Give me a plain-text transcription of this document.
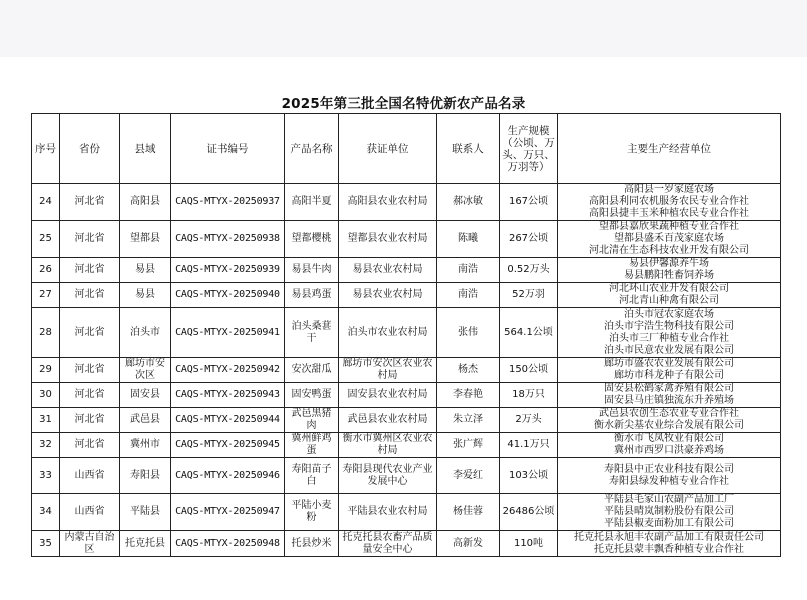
2025年第三批全国名特优新农产品名录
序号	省份	县域	证书编号	产品名称	获证单位	联系人	生产规模（公顷、万头、万只、万羽等）	主要生产经营单位
24	河北省	高阳县	CAQS-MTYX-20250937	高阳半夏	高阳县农业农村局	郝冰敏	167公顷	高阳县一岁家庭农场
高阳县利同农机服务农民专业合作社
高阳县捷丰玉米种植农民专业合作社

25	河北省	望都县	CAQS-MTYX-20250938	望都樱桃	望都县农业农村局	陈曦	267公顷	望都县嘉欣果蔬种植专业合作社
望都县盛禾百茂家庭农场
河北清在生态科技农业开发有限公司

26	河北省	易县	CAQS-MTYX-20250939	易县牛肉	易县农业农村局	南浩	0.52万头	易县伊馨源养牛场
易县鹏阳牲畜饲养场

27	河北省	易县	CAQS-MTYX-20250940	易县鸡蛋	易县农业农村局	南浩	52万羽	河北环山农业开发有限公司
河北青山种禽有限公司

28	河北省	泊头市	CAQS-MTYX-20250941	泊头桑葚干	泊头市农业农村局	张伟	564.1公顷	泊头市冠农家庭农场
泊头市宇浩生物科技有限公司
泊头市三厂种植专业合作社
泊头市民意农业发展有限公司

29	河北省	廊坊市安次区	CAQS-MTYX-20250942	安次甜瓜	廊坊市安次区农业农村局	杨杰	150公顷	廊坊市盛农农业发展有限公司
廊坊市科龙种子有限公司

30	河北省	固安县	CAQS-MTYX-20250943	固安鸭蛋	固安县农业农村局	李春艳	18万只	固安县松鹤家禽养殖有限公司
固安县马庄镇独流东升养殖场

31	河北省	武邑县	CAQS-MTYX-20250944	武邑黑猪肉	武邑县农业农村局	朱立泽	2万头	武邑县农创生态农业专业合作社
衡水新尖基农业综合发展有限公司

32	河北省	冀州市	CAQS-MTYX-20250945	冀州鲜鸡蛋	衡水市冀州区农业农村局	张广辉	41.1万只	衡水市飞凤牧业有限公司
冀州市西罗口洪豪养鸡场

33	山西省	寿阳县	CAQS-MTYX-20250946	寿阳苗子白	寿阳县现代农业产业发展中心	李爱红	103公顷	寿阳县中正农业科技有限公司
寿阳县绿发种植专业合作社

34	山西省	平陆县	CAQS-MTYX-20250947	平陆小麦粉	平陆县农业农村局	杨佳蓉	26486公顷	平陆县毛家山农副产品加工厂
平陆县晴岚制粉股份有限公司
平陆县椒麦面粉加工有限公司

35	内蒙古自治区	托克托县	CAQS-MTYX-20250948	托县炒米	托克托县农畜产品质量安全中心	高新发	110吨	托克托县永旭丰农副产品加工有限责任公司
托克托县蒙丰飘香种植专业合作社
